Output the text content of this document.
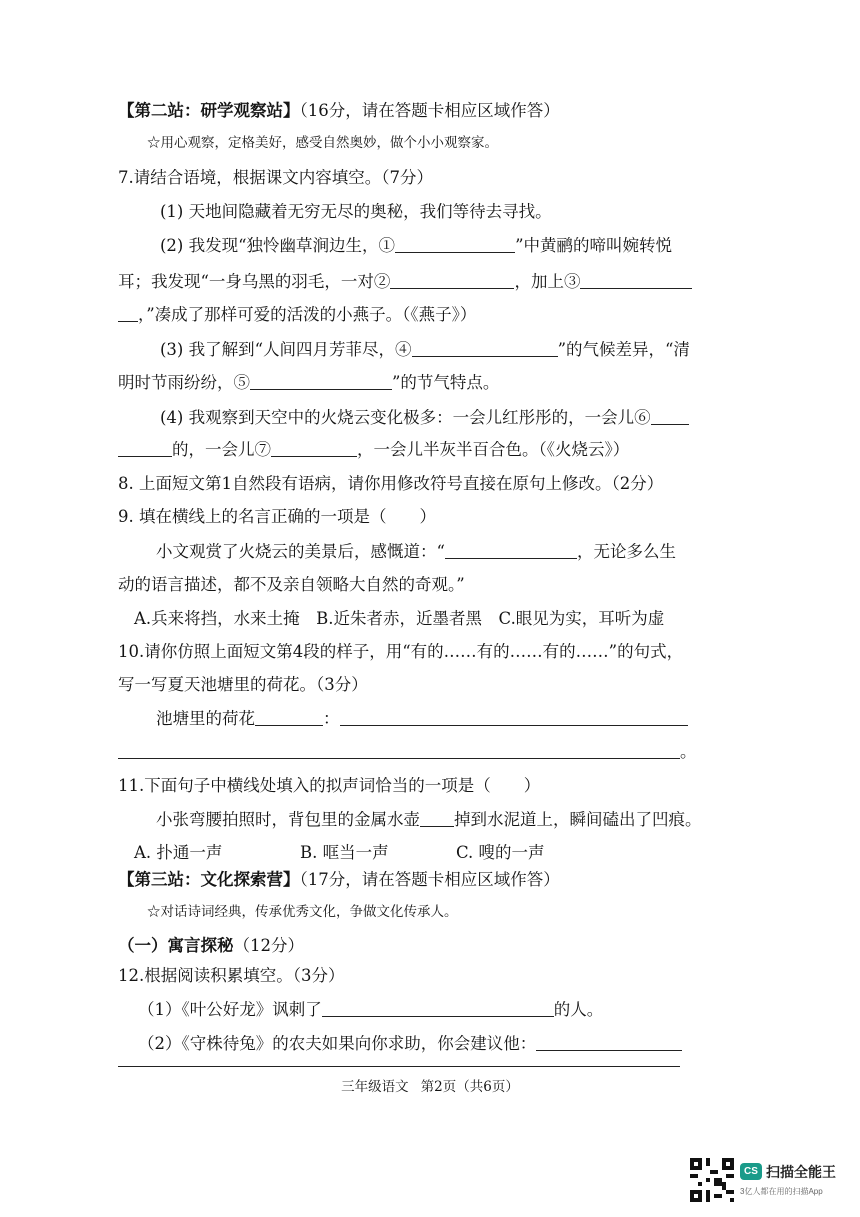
【第二站：研学观察站】（16分，请在答题卡相应区域作答）
☆用心观察，定格美好，感受自然奥妙，做个小小观察家。
7.请结合语境，根据课文内容填空。（7分）
(1) 天地间隐藏着无穷无尽的奥秘，我们等待去寻找。
(2) 我发现“独怜幽草涧边生，①	”中黄鹂的啼叫婉转悦
耳；我发现“一身乌黑的羽毛，一对②	，加上③
，”凑成了那样可爱的活泼的小燕子。（《燕子》）
(3) 我了解到“人间四月芳菲尽，④	”的气候差异，“清
明时节雨纷纷，⑤	”的节气特点。
(4) 我观察到天空中的火烧云变化极多：一会儿红彤彤的，一会儿⑥
的，一会儿⑦	，一会儿半灰半百合色。（《火烧云》）
8. 上面短文第1自然段有语病，请你用修改符号直接在原句上修改。（2分）
9. 填在横线上的名言正确的一项是（　　）
小文观赏了火烧云的美景后，感慨道：“	，无论多么生
动的语言描述，都不及亲自领略大自然的奇观。”
A.兵来将挡，水来土掩　B.近朱者赤，近墨者黑　C.眼见为实，耳听为虚
10.请你仿照上面短文第4段的样子，用“有的……有的……有的……”的句式，
写一写夏天池塘里的荷花。（3分）
池塘里的荷花	：
。
11.下面句子中横线处填入的拟声词恰当的一项是（　　）
小张弯腰拍照时，背包里的金属水壶 掉到水泥道上，瞬间磕出了凹痕。
A. 扑通一声	B. 哐当一声	C. 嗖的一声
【第三站：文化探索营】（17分，请在答题卡相应区域作答）
☆对话诗词经典，传承优秀文化，争做文化传承人。
（一）寓言探秘（12分）
12.根据阅读积累填空。（3分）
（1）《叶公好龙》讽刺了	的人。
（2）《守株待兔》的农夫如果向你求助，你会建议他：
三年级语文 第2页（共6页）
CS 扫描全能王
3亿人都在用的扫描App
